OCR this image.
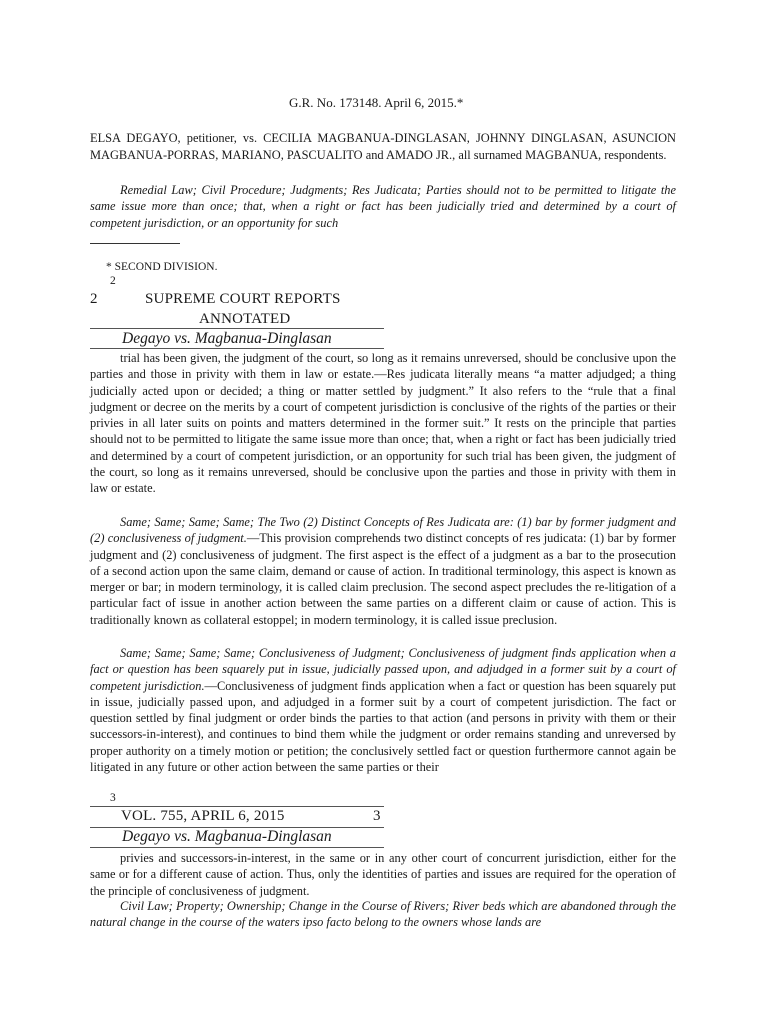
G.R. No. 173148. April 6, 2015.*
ELSA DEGAYO, petitioner, vs. CECILIA MAGBANUA-DINGLASAN, JOHNNY DINGLASAN, ASUNCION MAGBANUA-PORRAS, MARIANO, PASCUALITO and AMADO JR., all surnamed MAGBANUA, respondents.
Remedial Law; Civil Procedure; Judgments; Res Judicata; Parties should not to be permitted to litigate the same issue more than once; that, when a right or fact has been judicially tried and determined by a court of competent jurisdiction, or an opportunity for such
* SECOND DIVISION.
2
2	SUPREME COURT REPORTS
ANNOTATED
Degayo vs. Magbanua-Dinglasan
trial has been given, the judgment of the court, so long as it remains unreversed, should be conclusive upon the parties and those in privity with them in law or estate.—Res judicata literally means “a matter adjudged; a thing judicially acted upon or decided; a thing or matter settled by judgment.” It also refers to the “rule that a final judgment or decree on the merits by a court of competent jurisdiction is conclusive of the rights of the parties or their privies in all later suits on points and matters determined in the former suit.” It rests on the principle that parties should not to be permitted to litigate the same issue more than once; that, when a right or fact has been judicially tried and determined by a court of competent jurisdiction, or an opportunity for such trial has been given, the judgment of the court, so long as it remains unreversed, should be conclusive upon the parties and those in privity with them in law or estate.
Same; Same; Same; Same; The Two (2) Distinct Concepts of Res Judicata are: (1) bar by former judgment and (2) conclusiveness of judgment.—This provision comprehends two distinct concepts of res judicata: (1) bar by former judgment and (2) conclusiveness of judgment. The first aspect is the effect of a judgment as a bar to the prosecution of a second action upon the same claim, demand or cause of action. In traditional terminology, this aspect is known as merger or bar; in modern terminology, it is called claim preclusion. The second aspect precludes the re-litigation of a particular fact of issue in another action between the same parties on a different claim or cause of action. This is traditionally known as collateral estoppel; in modern terminology, it is called issue preclusion.
Same; Same; Same; Same; Conclusiveness of Judgment; Conclusiveness of judgment finds application when a fact or question has been squarely put in issue, judicially passed upon, and adjudged in a former suit by a court of competent jurisdiction.—Conclusiveness of judgment finds application when a fact or question has been squarely put in issue, judicially passed upon, and adjudged in a former suit by a court of competent jurisdiction. The fact or question settled by final judgment or order binds the parties to that action (and persons in privity with them or their successors-in-interest), and continues to bind them while the judgment or order remains standing and unreversed by proper authority on a timely motion or petition; the conclusively settled fact or question furthermore cannot again be litigated in any future or other action between the same parties or their
3
VOL. 755, APRIL 6, 2015	3
Degayo vs. Magbanua-Dinglasan
privies and successors-in-interest, in the same or in any other court of concurrent jurisdiction, either for the same or for a different cause of action. Thus, only the identities of parties and issues are required for the operation of the principle of conclusiveness of judgment.
Civil Law; Property; Ownership; Change in the Course of Rivers; River beds which are abandoned through the natural change in the course of the waters ipso facto belong to the owners whose lands are
